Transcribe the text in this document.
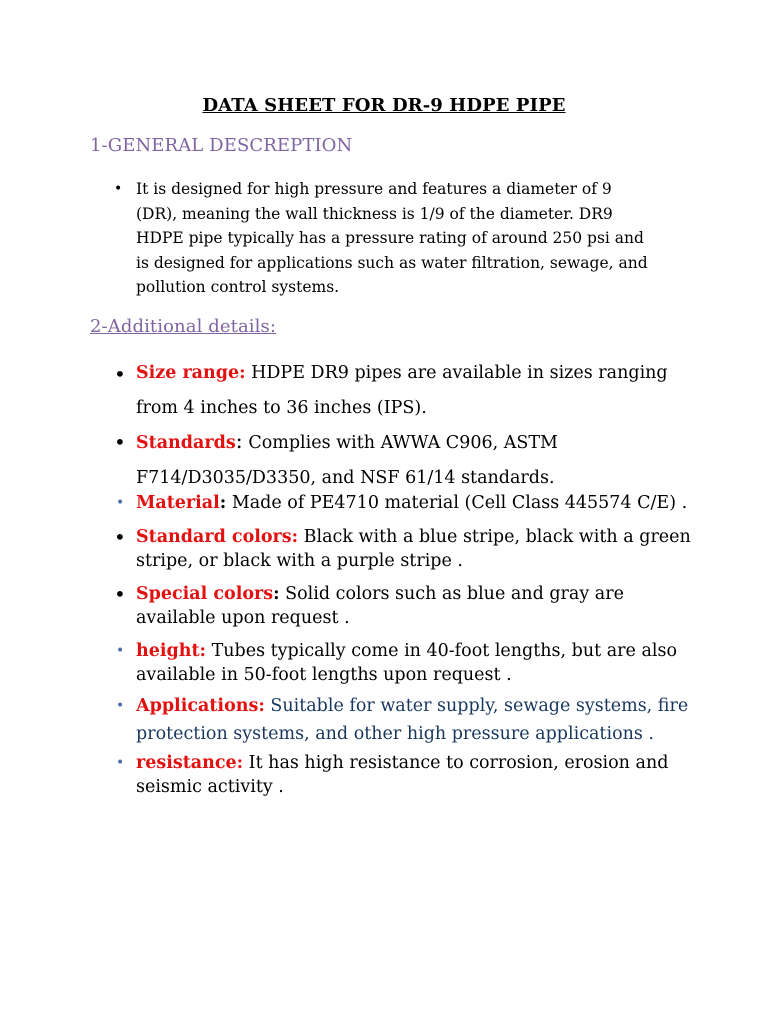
DATA SHEET FOR DR-9 HDPE PIPE
1-GENERAL DESCREPTION
• It is designed for high pressure and features a diameter of 9 (DR), meaning the wall thickness is 1/9 of the diameter. DR9 HDPE pipe typically has a pressure rating of around 250 psi and is designed for applications such as water filtration, sewage, and pollution control systems.
2-Additional details:
• Size range: HDPE DR9 pipes are available in sizes ranging from 4 inches to 36 inches (IPS).
• Standards: Complies with AWWA C906, ASTM F714/D3035/D3350, and NSF 61/14 standards.
• Material: Made of PE4710 material (Cell Class 445574 C/E) .
• Standard colors: Black with a blue stripe, black with a green stripe, or black with a purple stripe .
• Special colors: Solid colors such as blue and gray are available upon request .
• height: Tubes typically come in 40-foot lengths, but are also available in 50-foot lengths upon request .
• Applications: Suitable for water supply, sewage systems, fire protection systems, and other high pressure applications .
• resistance: It has high resistance to corrosion, erosion and seismic activity .
